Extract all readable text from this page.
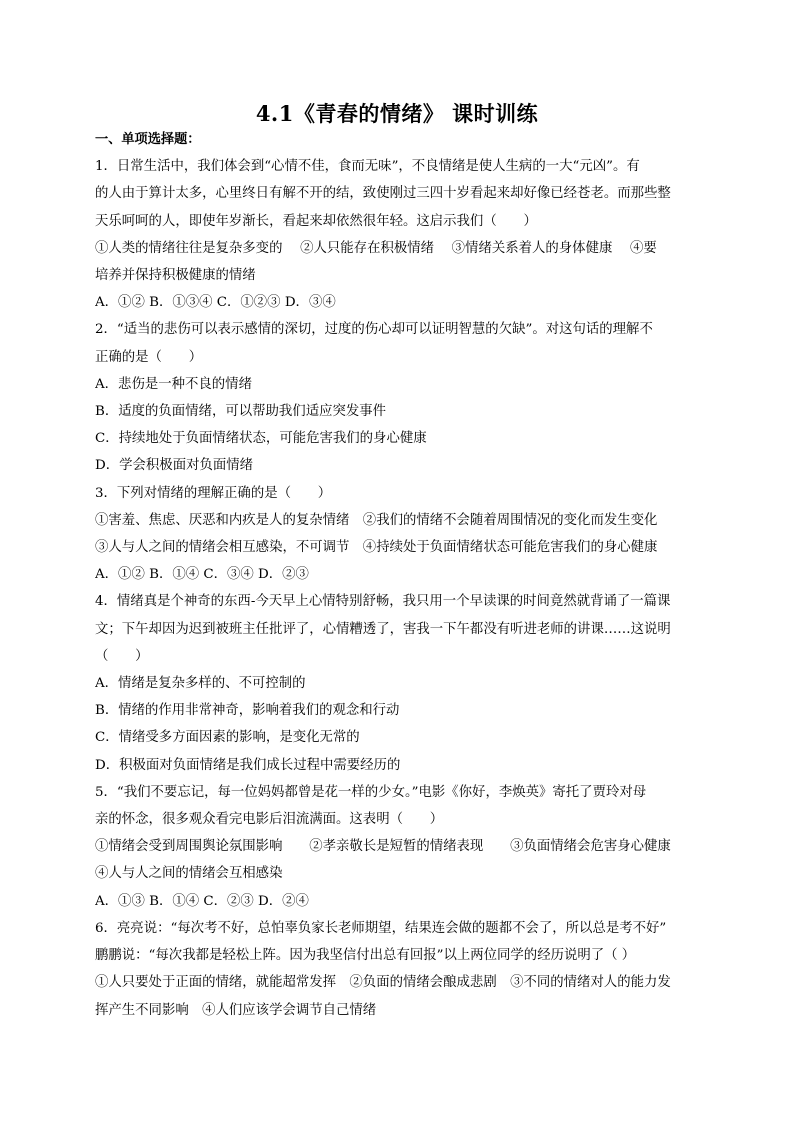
4.1《青春的情绪》 课时训练
一、单项选择题：
1．日常生活中，我们体会到“心情不佳，食而无味”，不良情绪是使人生病的一大“元凶”。有
的人由于算计太多，心里终日有解不开的结，致使刚过三四十岁看起来却好像已经苍老。而那些整
天乐呵呵的人，即使年岁渐长，看起来却依然很年轻。这启示我们（　　）
①人类的情绪往往是复杂多变的　 ②人只能存在积极情绪　 ③情绪关系着人的身体健康　 ④要
培养并保持积极健康的情绪
A．①② B．①③④ C．①②③ D．③④
2．“适当的悲伤可以表示感情的深切，过度的伤心却可以证明智慧的欠缺”。对这句话的理解不
正确的是（　　）
A．悲伤是一种不良的情绪
B．适度的负面情绪，可以帮助我们适应突发事件
C．持续地处于负面情绪状态，可能危害我们的身心健康
D．学会积极面对负面情绪
3．下列对情绪的理解正确的是（　　）
①害羞、焦虑、厌恶和内疚是人的复杂情绪　②我们的情绪不会随着周围情况的变化而发生变化
③人与人之间的情绪会相互感染，不可调节　④持续处于负面情绪状态可能危害我们的身心健康
A．①② B．①④ C．③④ D．②③
4．情绪真是个神奇的东西-今天早上心情特别舒畅，我只用一个早读课的时间竟然就背诵了一篇课
文；下午却因为迟到被班主任批评了，心情糟透了，害我一下午都没有听进老师的讲课……这说明
（　　）
A．情绪是复杂多样的、不可控制的
B．情绪的作用非常神奇，影响着我们的观念和行动
C．情绪受多方面因素的影响，是变化无常的
D．积极面对负面情绪是我们成长过程中需要经历的
5．“我们不要忘记，每一位妈妈都曾是花一样的少女。”电影《你好，李焕英》寄托了贾玲对母
亲的怀念，很多观众看完电影后泪流满面。这表明（　　）
①情绪会受到周围舆论氛围影响　　②孝亲敬长是短暂的情绪表现　　③负面情绪会危害身心健康
④人与人之间的情绪会互相感染
A．①③ B．①④ C．②③ D．②④
6．亮亮说：“每次考不好，总怕辜负家长老师期望，结果连会做的题都不会了，所以总是考不好”
鹏鹏说：“每次我都是轻松上阵。因为我坚信付出总有回报”以上两位同学的经历说明了（ ）
①人只要处于正面的情绪，就能超常发挥　②负面的情绪会酿成悲剧　③不同的情绪对人的能力发
挥产生不同影响　④人们应该学会调节自己情绪
